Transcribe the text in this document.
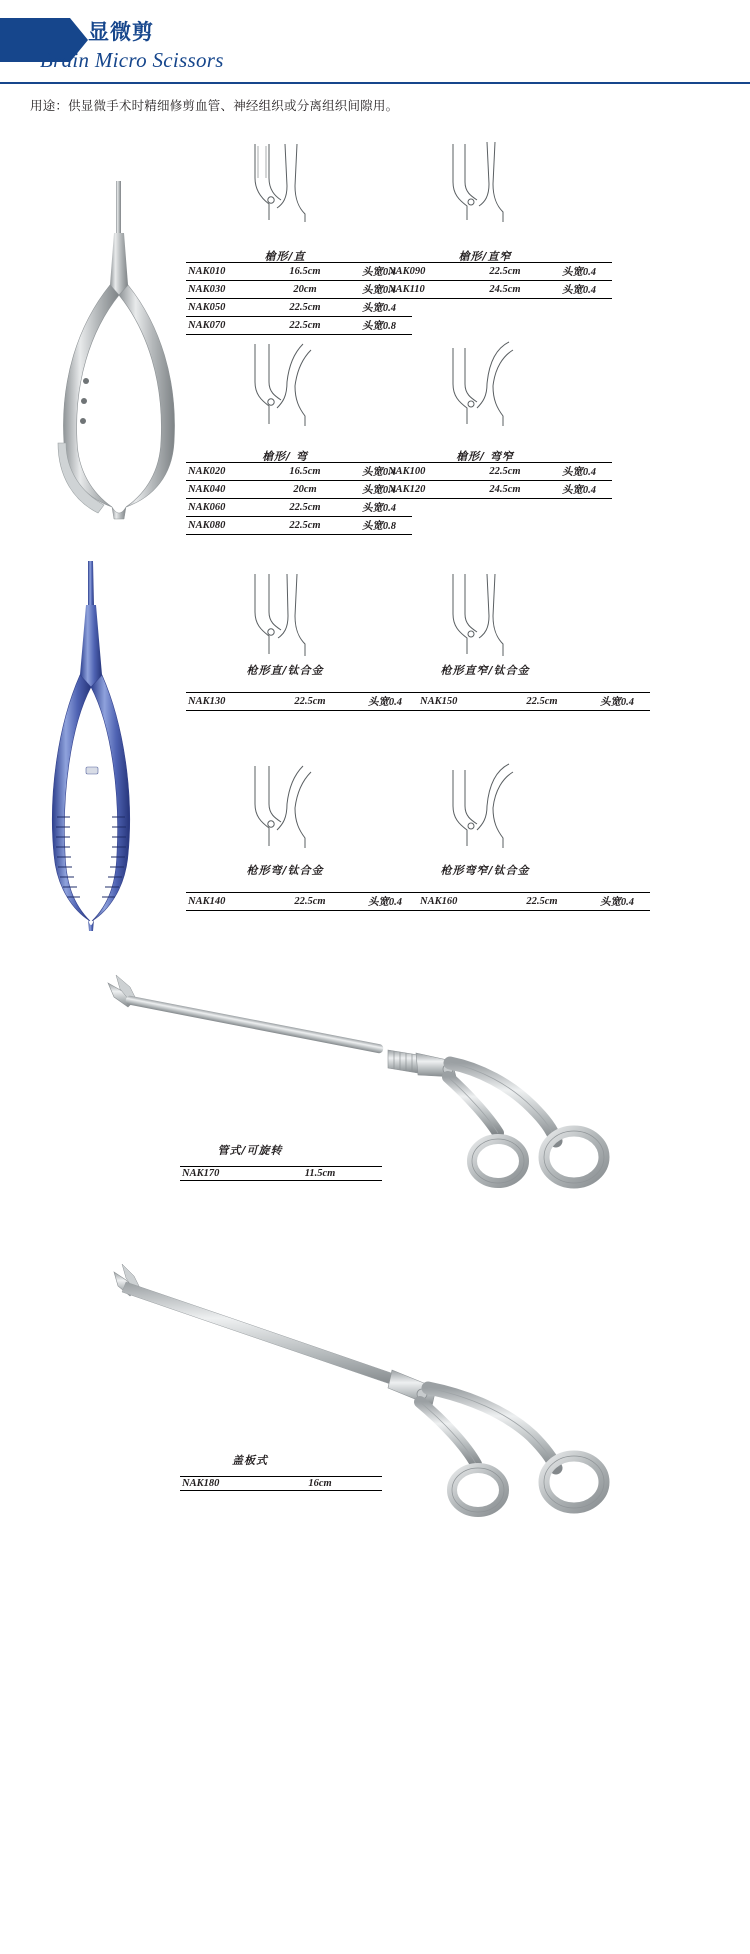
显微剪
Brain Micro Scissors
用途：供显微手术时精细修剪血管、神经组织或分离组织间隙用。
槍形/直
NAK010	16.5cm	头宽0.4
NAK030	20cm	头宽0.4
NAK050	22.5cm	头宽0.4
NAK070	22.5cm	头宽0.8
槍形/直窄
NAK090	22.5cm	头宽0.4
NAK110	24.5cm	头宽0.4
槍形/ 弯
NAK020	16.5cm	头宽0.4
NAK040	20cm	头宽0.4
NAK060	22.5cm	头宽0.4
NAK080	22.5cm	头宽0.8
槍形/ 弯窄
NAK100	22.5cm	头宽0.4
NAK120	24.5cm	头宽0.4
枪形直/钛合金
NAK130	22.5cm	头宽0.4
枪形直窄/钛合金
NAK150	22.5cm	头宽0.4
枪形弯/钛合金
NAK140	22.5cm	头宽0.4
枪形弯窄/钛合金
NAK160	22.5cm	头宽0.4
管式/可旋转
NAK170	11.5cm
盖板式
NAK180	16cm
